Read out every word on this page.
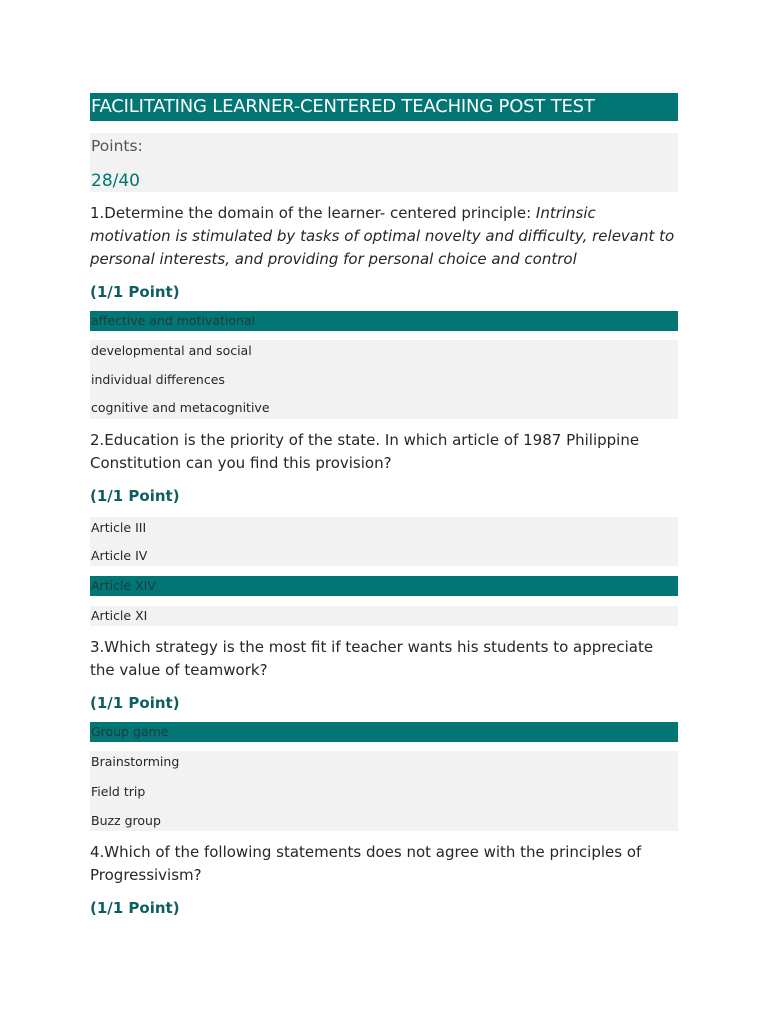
FACILITATING LEARNER-CENTERED TEACHING POST TEST
Points:
28/40
1.Determine the domain of the learner- centered principle: Intrinsic motivation is stimulated by tasks of optimal novelty and difficulty, relevant to personal interests, and providing for personal choice and control
(1/1 Point)
affective and motivational
developmental and social
individual differences
cognitive and metacognitive
2.Education is the priority of the state. In which article of 1987 Philippine Constitution can you find this provision?
(1/1 Point)
Article III
Article IV
Article XIV
Article XI
3.Which strategy is the most fit if teacher wants his students to appreciate the value of teamwork?
(1/1 Point)
Group game
Brainstorming
Field trip
Buzz group
4.Which of the following statements does not agree with the principles of Progressivism?
(1/1 Point)
